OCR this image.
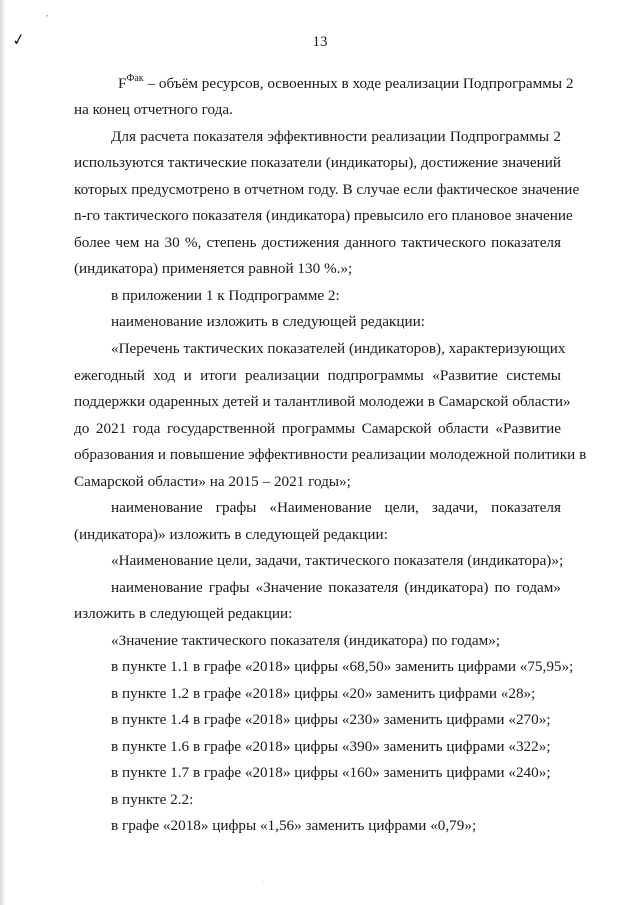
✓
•
·
13
$F^{Фак}$ – объём ресурсов, освоенных в ходе реализации Подпрограммы 2
на конец отчетного года.
Для расчета показателя эффективности реализации Подпрограммы 2
используются тактические показатели (индикаторы), достижение значений
которых предусмотрено в отчетном году. В случае если фактическое значение
n-го тактического показателя (индикатора) превысило его плановое значение
более чем на 30 %, степень достижения данного тактического показателя
(индикатора) применяется равной 130 %.»;
в приложении 1 к Подпрограмме 2:
наименование изложить в следующей редакции:
«Перечень тактических показателей (индикаторов), характеризующих
ежегодный ход и итоги реализации подпрограммы «Развитие системы
поддержки одаренных детей и талантливой молодежи в Самарской области»
до 2021 года государственной программы Самарской области «Развитие
образования и повышение эффективности реализации молодежной политики в
Самарской области» на 2015 – 2021 годы»;
наименование графы «Наименование цели, задачи, показателя
(индикатора)» изложить в следующей редакции:
«Наименование цели, задачи, тактического показателя (индикатора)»;
наименование графы «Значение показателя (индикатора) по годам»
изложить в следующей редакции:
«Значение тактического показателя (индикатора) по годам»;
в пункте 1.1 в графе «2018» цифры «68,50» заменить цифрами «75,95»;
в пункте 1.2 в графе «2018» цифры «20» заменить цифрами «28»;
в пункте 1.4 в графе «2018» цифры «230» заменить цифрами «270»;
в пункте 1.6 в графе «2018» цифры «390» заменить цифрами «322»;
в пункте 1.7 в графе «2018» цифры «160» заменить цифрами «240»;
в пункте 2.2:
в графе «2018» цифры «1,56» заменить цифрами «0,79»;
